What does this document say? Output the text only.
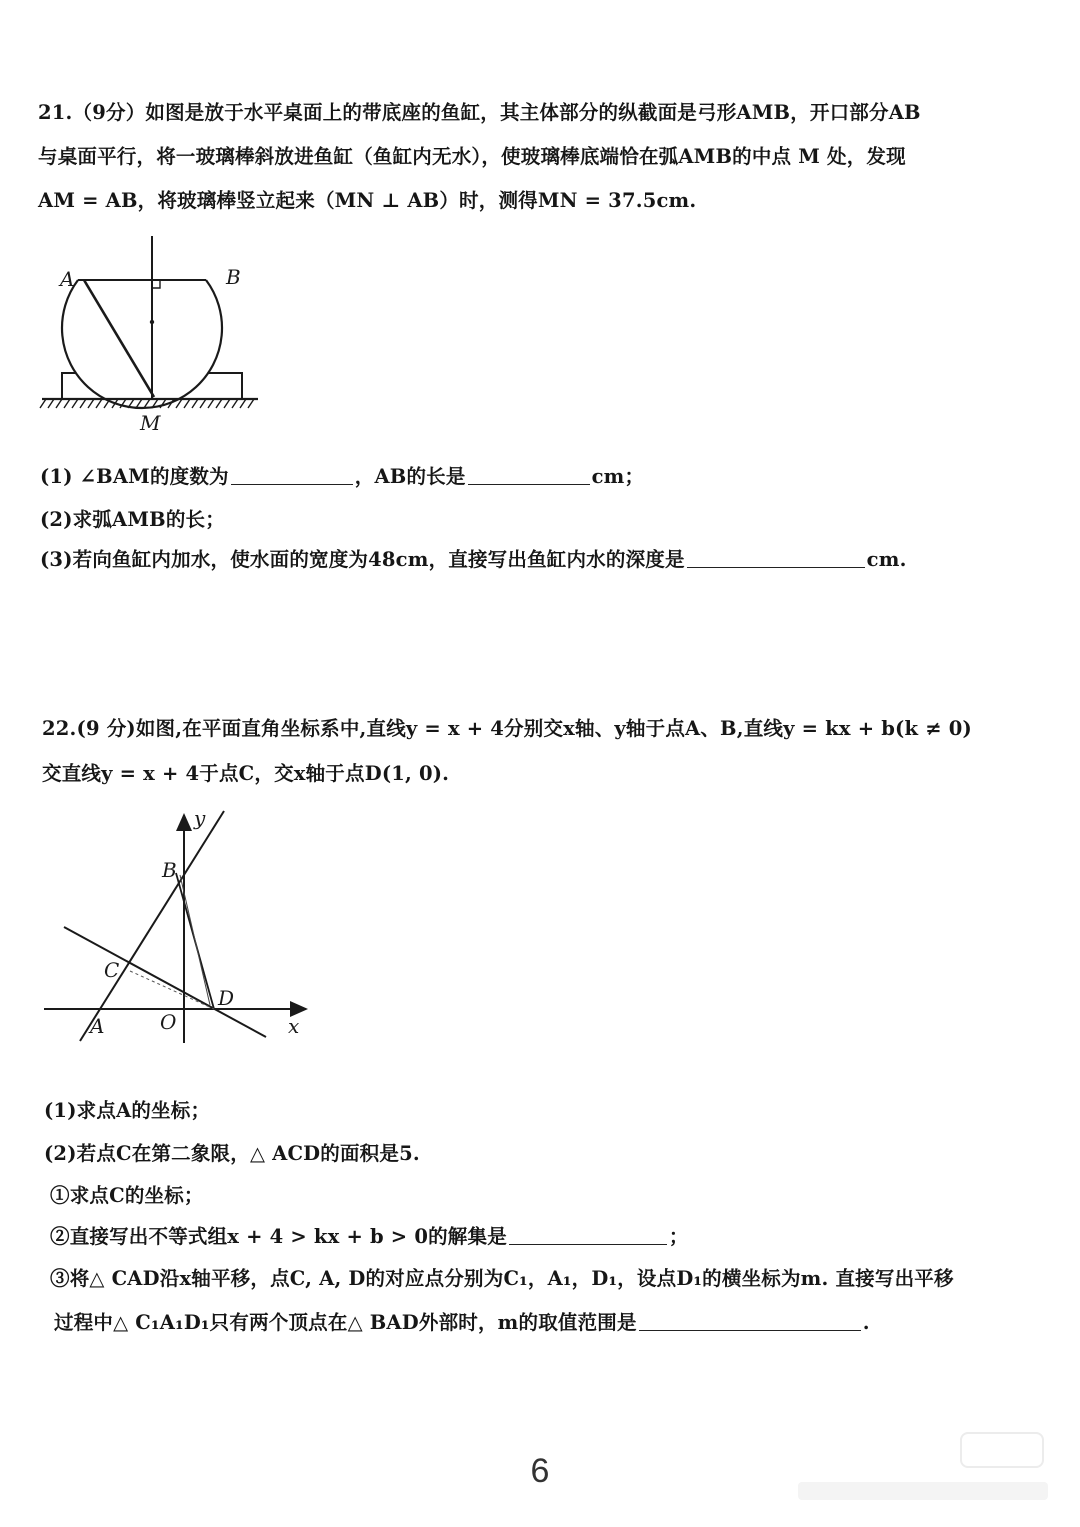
21.（9分）如图是放于水平桌面上的带底座的鱼缸，其主体部分的纵截面是弓形AMB，开口部分AB
与桌面平行，将一玻璃棒斜放进鱼缸（鱼缸内无水），使玻璃棒底端恰在弧AMB的中点 M 处，发现
AM = AB，将玻璃棒竖立起来（MN ⊥ AB）时，测得MN = 37.5cm.
A	B
M
(1) ∠BAM的度数为	，AB的长是	cm；
(2)求弧AMB的长；
(3)若向鱼缸内加水，使水面的宽度为48cm，直接写出鱼缸内水的深度是	cm.
22.(9 分)如图,在平面直角坐标系中,直线y = x + 4分别交x轴、y轴于点A、B,直线y = kx + b(k ≠ 0)
交直线y = x + 4于点C，交x轴于点D(1, 0).
y
x
B
C
D
A	O
(1)求点A的坐标；
(2)若点C在第二象限，△ ACD的面积是5.
①求点C的坐标；
②直接写出不等式组x + 4 > kx + b > 0的解集是	；
③将△ CAD沿x轴平移，点C, A, D的对应点分别为C₁，A₁，D₁，设点D₁的横坐标为m. 直接写出平移
过程中△ C₁A₁D₁只有两个顶点在△ BAD外部时，m的取值范围是	.
6
